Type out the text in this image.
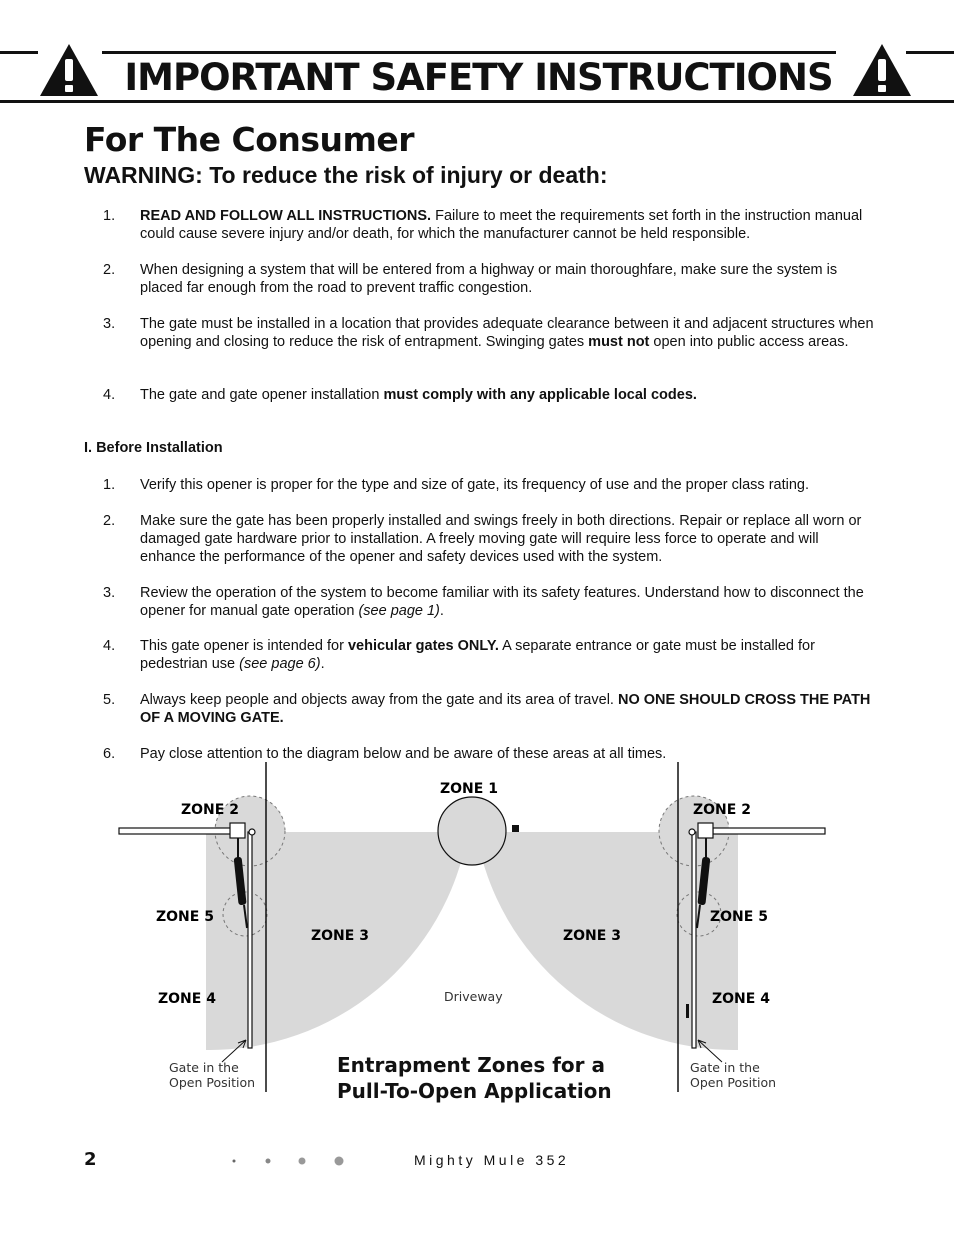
IMPORTANT SAFETY INSTRUCTIONS
For The Consumer
WARNING: To reduce the risk of injury or death:
1. READ AND FOLLOW ALL INSTRUCTIONS. Failure to meet the requirements set forth in the instruction manual could cause severe injury and/or death, for which the manufacturer cannot be held responsible.
2. When designing a system that will be entered from a highway or main thoroughfare, make sure the system is placed far enough from the road to prevent traffic congestion.
3. The gate must be installed in a location that provides adequate clearance between it and adjacent structures when opening and closing to reduce the risk of entrapment. Swinging gates must not open into public access areas.
4. The gate and gate opener installation must comply with any applicable local codes.
I. Before Installation
1. Verify this opener is proper for the type and size of gate, its frequency of use and the proper class rating.
2. Make sure the gate has been properly installed and swings freely in both directions. Repair or replace all worn or damaged gate hardware prior to installation. A freely moving gate will require less force to operate and will enhance the performance of the opener and safety devices used with the system.
3. Review the operation of the system to become familiar with its safety features. Understand how to disconnect the opener for manual gate operation (see page 1).
4. This gate opener is intended for vehicular gates ONLY. A separate entrance or gate must be installed for pedestrian use (see page 6).
5. Always keep people and objects away from the gate and its area of travel. NO ONE SHOULD CROSS THE PATH OF A MOVING GATE.
6. Pay close attention to the diagram below and be aware of these areas at all times.
ZONE 1
ZONE 2	ZONE 2
ZONE 5	ZONE 5
ZONE 3	ZONE 3
ZONE 4	ZONE 4
Driveway
Gate in the
Open Position
Gate in the
Open Position
Entrapment Zones for a
Pull-To-Open Application
2	Mighty Mule 352
